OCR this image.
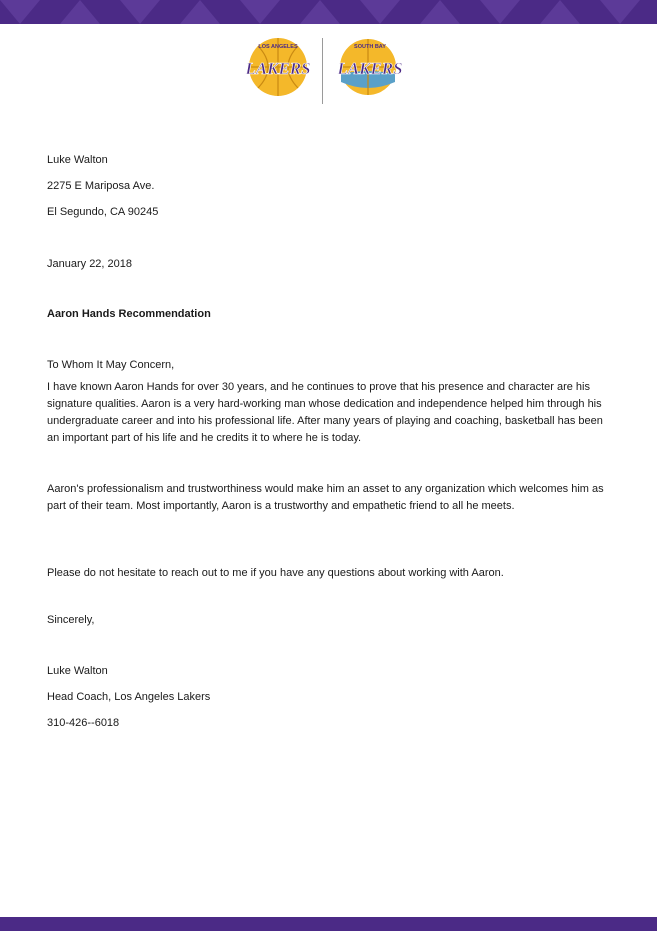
LOS ANGELES
LAKERS
SOUTH BAY
LAKERS
Luke Walton
2275 E Mariposa Ave.
El Segundo, CA 90245
January 22, 2018
Aaron Hands Recommendation
To Whom It May Concern,
I have known Aaron Hands for over 30 years, and he continues to prove that his presence and character are his signature qualities. Aaron is a very hard-working man whose dedication and independence helped him through his undergraduate career and into his professional life. After many years of playing and coaching, basketball has been an important part of his life and he credits it to where he is today.
Aaron's professionalism and trustworthiness would make him an asset to any organization which welcomes him as part of their team. Most importantly, Aaron is a trustworthy and empathetic friend to all he meets.
Please do not hesitate to reach out to me if you have any questions about working with Aaron.
Sincerely,
Luke Walton
Head Coach, Los Angeles Lakers
310-426--6018
